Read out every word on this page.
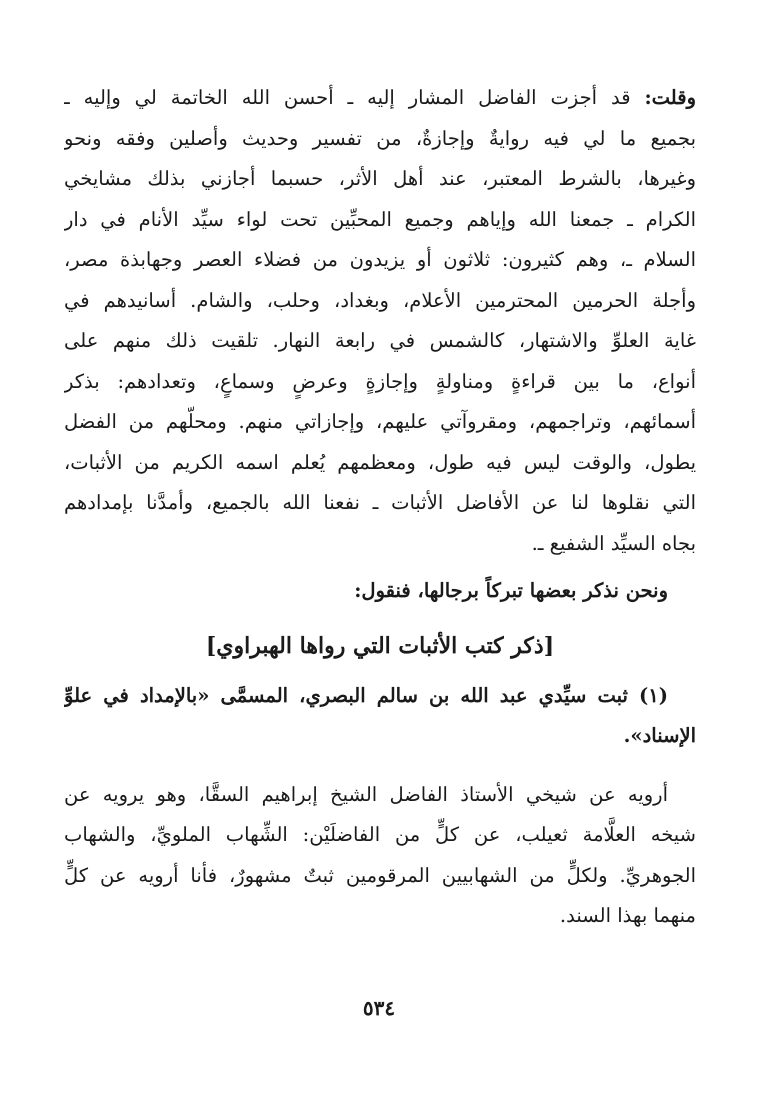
وقلت: قد أجزت الفاضل المشار إليه ـ أحسن الله الخاتمة لي وإليه ـ
بجميع ما لي فيه روايةٌ وإجازةٌ، من تفسير وحديث وأصلين وفقه ونحو
وغيرها، بالشرط المعتبر، عند أهل الأثر، حسبما أجازني بذلك مشايخي
الكرام ـ جمعنا الله وإياهم وجميع المحبِّين تحت لواء سيِّد الأنام في دار
السلام ـ، وهم كثيرون: ثلاثون أو يزيدون من فضلاء العصر وجهابذة مصر،
وأجلة الحرمين المحترمين الأعلام، وبغداد، وحلب، والشام. أسانيدهم في
غاية العلوِّ والاشتهار، كالشمس في رابعة النهار. تلقيت ذلك منهم على
أنواع، ما بين قراءةٍ ومناولةٍ وإجازةٍ وعرضٍ وسماعٍ، وتعدادهم: بذكر
أسمائهم، وتراجمهم، ومقروآتي عليهم، وإجازاتي منهم. ومحلّهم من الفضل
يطول، والوقت ليس فيه طول، ومعظمهم يُعلم اسمه الكريم من الأثبات،
التي نقلوها لنا عن الأفاضل الأثبات ـ نفعنا الله بالجميع، وأمدَّنا بإمدادهم
بجاه السيِّد الشفيع ـ.
ونحن نذكر بعضها تبركاً برجالها، فنقول:
[ذكر كتب الأثبات التي رواها الهبراوي]
(١) ثبت سيِّدي عبد الله بن سالم البصري، المسمَّى «بالإمداد في علوِّ
الإسناد».
أرويه عن شيخي الأستاذ الفاضل الشيخ إبراهيم السقَّا، وهو يرويه عن
شيخه العلَّامة ثعيلب، عن كلٍّ من الفاضلَيْن: الشِّهاب الملويِّ، والشهاب
الجوهريِّ. ولكلٍّ من الشهابيين المرقومين ثبتٌ مشهورٌ، فأنا أرويه عن كلٍّ
منهما بهذا السند.
٥٣٤
